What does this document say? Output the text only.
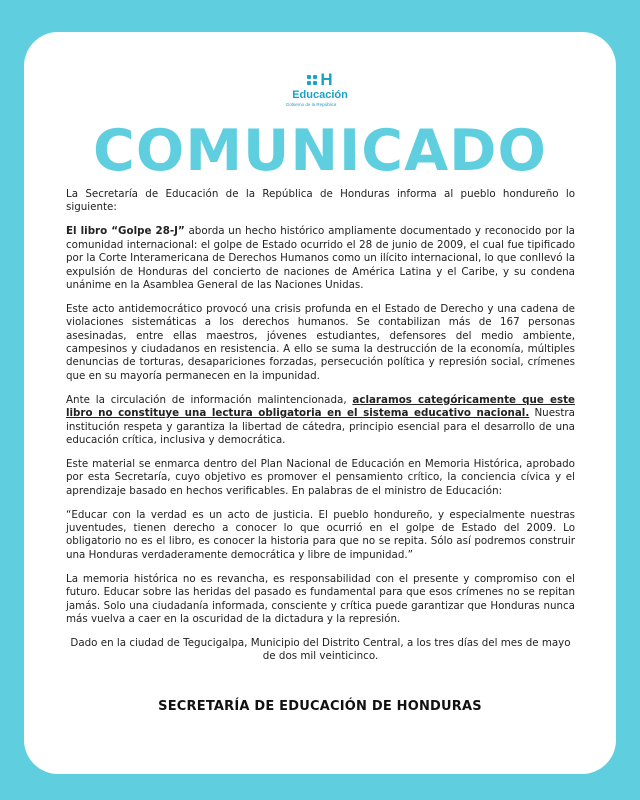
H
Educación
Gobierno de la República
COMUNICADO

La Secretaría de Educación de la República de Honduras informa al pueblo hondureño lo siguiente:

El libro “Golpe 28-J” aborda un hecho histórico ampliamente documentado y reconocido por la comunidad internacional: el golpe de Estado ocurrido el 28 de junio de 2009, el cual fue tipificado por la Corte Interamericana de Derechos Humanos como un ilícito internacional, lo que conllevó la expulsión de Honduras del concierto de naciones de América Latina y el Caribe, y su condena unánime en la Asamblea General de las Naciones Unidas.

Este acto antidemocrático provocó una crisis profunda en el Estado de Derecho y una cadena de violaciones sistemáticas a los derechos humanos. Se contabilizan más de 167 personas asesinadas, entre ellas maestros, jóvenes estudiantes, defensores del medio ambiente, campesinos y ciudadanos en resistencia. A ello se suma la destrucción de la economía, múltiples denuncias de torturas, desapariciones forzadas, persecución política y represión social, crímenes que en su mayoría permanecen en la impunidad.

Ante la circulación de información malintencionada, aclaramos categóricamente que este libro no constituye una lectura obligatoria en el sistema educativo nacional. Nuestra institución respeta y garantiza la libertad de cátedra, principio esencial para el desarrollo de una educación crítica, inclusiva y democrática.

Este material se enmarca dentro del Plan Nacional de Educación en Memoria Histórica, aprobado por esta Secretaría, cuyo objetivo es promover el pensamiento crítico, la conciencia cívica y el aprendizaje basado en hechos verificables. En palabras de el ministro de Educación:

“Educar con la verdad es un acto de justicia. El pueblo hondureño, y especialmente nuestras juventudes, tienen derecho a conocer lo que ocurrió en el golpe de Estado del 2009. Lo obligatorio no es el libro, es conocer la historia para que no se repita. Sólo así podremos construir una Honduras verdaderamente democrática y libre de impunidad.”

La memoria histórica no es revancha, es responsabilidad con el presente y compromiso con el futuro. Educar sobre las heridas del pasado es fundamental para que esos crímenes no se repitan jamás. Solo una ciudadanía informada, consciente y crítica puede garantizar que Honduras nunca más vuelva a caer en la oscuridad de la dictadura y la represión.

Dado en la ciudad de Tegucigalpa, Municipio del Distrito Central, a los tres días del mes de mayo de dos mil veinticinco.

SECRETARÍA DE EDUCACIÓN DE HONDURAS
